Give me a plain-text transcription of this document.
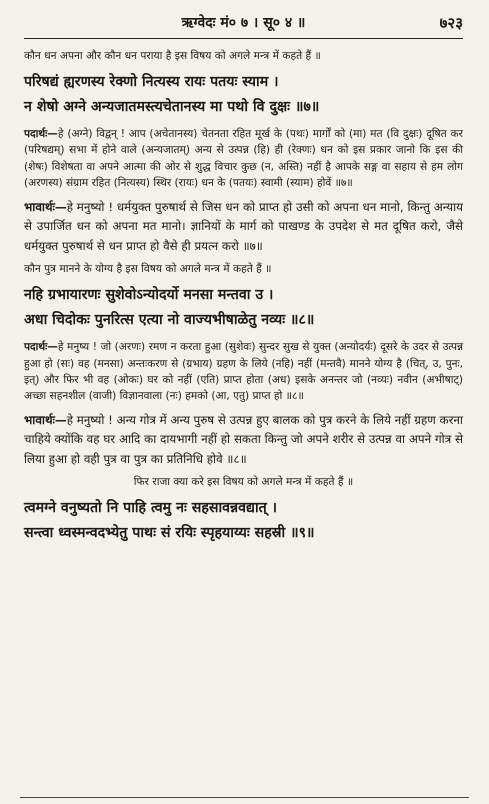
ऋग्वेदः मं० ७ । सू० ४ ॥	७२३
कौन धन अपना और कौन धन पराया है इस विषय को अगले मन्त्र में कहते हैं ॥
परिषद्यं ह्यरणस्य रेक्णो नित्यस्य रायः पतयः स्याम ।
न शेषो अग्ने अन्यजातमस्त्यचेतानस्य मा पथो वि दुक्षः ॥७॥
पदार्थः—हे (अग्ने) विद्वन् ! आप (अचेतानस्य) चेतनता रहित मूर्ख के (पथः) मार्गों को (मा) मत (वि दुक्षः) दूषित कर (परिषद्यम्) सभा में होने वाले (अन्यजातम्) अन्य से उत्पन्न (हि) ही (रेक्णः) धन को इस प्रकार जानो कि इस की (शेषः) विशेषता वा अपने आत्मा की ओर से शुद्ध विचार कुछ (न, अस्ति) नहीं है आपके सङ्ग वा सहाय से हम लोग (अरणस्य) संग्राम रहित (नित्यस्य) स्थिर (रायः) धन के (पतयः) स्वामी (स्याम) होवें ॥७॥
भावार्थः—हे मनुष्यो ! धर्मयुक्त पुरुषार्थ से जिस धन को प्राप्त हो उसी को अपना धन मानो, किन्तु अन्याय से उपार्जित धन को अपना मत मानो। ज्ञानियों के मार्ग को पाखण्ड के उपदेश से मत दूषित करो, जैसे धर्मयुक्त पुरुषार्थ से धन प्राप्त हो वैसे ही प्रयत्न करो ॥७॥
कौन पुत्र मानने के योग्य है इस विषय को अगले मन्त्र में कहते हैं ॥
नहि ग्रभायारणः सुशेवोऽन्योदर्यो मनसा मन्तवा उ ।
अधा चिदोकः पुनरित्स एत्या नो वाज्यभीषाळेतु नव्यः ॥८॥
पदार्थः—हे मनुष्य ! जो (अरणः) रमण न करता हुआ (सुशेवः) सुन्दर सुख से युक्त (अन्योदर्यः) दूसरे के उदर से उत्पन्न हुआ हो (सः) वह (मनसा) अन्तःकरण से (ग्रभाय) ग्रहण के लिये (नहि) नहीं (मन्तवै) मानने योग्य है (चित्, उ, पुनः, इत्) और फिर भी वह (ओकः) घर को नहीं (एति) प्राप्त होता (अध) इसके अनन्तर जो (नव्यः) नवीन (अभीषाट्) अच्छा सहनशील (वाजी) विज्ञानवाला (नः) हमको (आ, एतु) प्राप्त हो ॥८॥
भावार्थः—हे मनुष्यो ! अन्य गोत्र में अन्य पुरुष से उत्पन्न हुए बालक को पुत्र करने के लिये नहीं ग्रहण करना चाहिये क्योंकि वह घर आदि का दायभागी नहीं हो सकता किन्तु जो अपने शरीर से उत्पन्न वा अपने गोत्र से लिया हुआ हो वही पुत्र वा पुत्र का प्रतिनिधि होवे ॥८॥
फिर राजा क्या करे इस विषय को अगले मन्त्र में कहते हैं ॥
त्वमग्ने वनुष्यतो नि पाहि त्वमु नः सहसावन्नवद्यात् ।
सन्त्वा ध्वस्मन्वदभ्येतु पाथः सं रयिः स्पृहयाय्यः सहस्री ॥९॥
